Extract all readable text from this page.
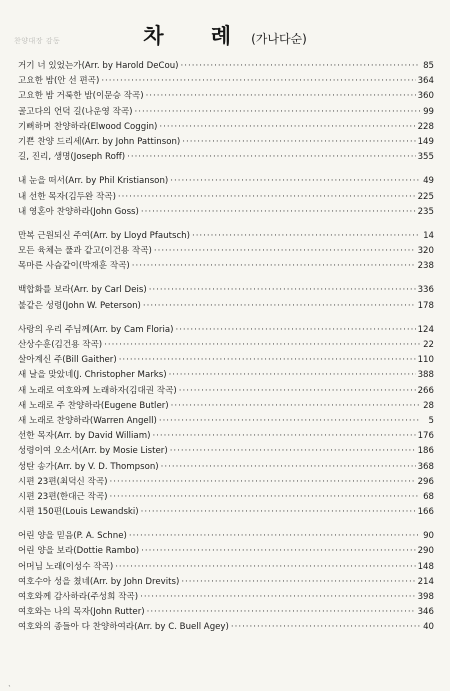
찬양대장 감동	차 례(가나다순)
거기 너 있었는가(Arr. by Harold DeCou) ·····	85
고요한 밤(안 선 편곡) ·····	364
고요한 밤 거룩한 밤(이문승 작곡) ·····	360
골고다의 언덕 길(나운영 작곡) ·····	99
기뻐하며 찬양하라(Elwood Coggin) ·····	228
기쁜 찬양 드리세(Arr. by John Pattinson) ·····	149
길, 진리, 생명(Joseph Roff) ·····	355
내 눈을 떠서(Arr. by Phil Kristianson) ·····	49
내 선한 목자(김두완 작곡) ·····	225
내 영혼아 찬양하라(John Goss) ·····	235
만복 근원되신 주여(Arr. by Lloyd Pfautsch) ·····	14
모든 육체는 풀과 같고(이건용 작곡) ·····	320
목마른 사슴같이(박재훈 작곡) ·····	238
백합화를 보라(Arr. by Carl Deis) ·····	336
불같은 성령(John W. Peterson) ·····	178
사랑의 우리 주님께(Arr. by Cam Floria) ·····	124
산상수훈(김건용 작곡) ·····	22
살아계신 주(Bill Gaither) ·····	110
새 날을 맞았네(J. Christopher Marks) ·····	388
새 노래로 여호와께 노래하자(김대권 작곡) ·····	266
새 노래로 주 찬양하라(Eugene Butler) ·····	28
새 노래로 찬양하라(Warren Angell) ·····	5
선한 목자(Arr. by David William) ·····	176
성령이여 오소서(Arr. by Mosie Lister) ·····	186
성탄 송가(Arr. by V. D. Thompson) ·····	368
시편 23편(최덕신 작곡) ·····	296
시편 23편(한대근 작곡) ·····	68
시편 150편(Louis Lewandski) ·····	166
어린 양을 믿음(P. A. Schne) ·····	90
어린 양을 보라(Dottie Rambo) ·····	290
어머님 노래(이성수 작곡) ·····	148
여호수아 성을 쳤네(Arr. by John Drevits) ·····	214
여호와께 감사하라(주성희 작곡) ·····	398
여호와는 나의 목자(John Rutter) ·····	346
여호와의 종들아 다 찬양하여라(Arr. by C. Buell Agey) ·····	40
ˎ
